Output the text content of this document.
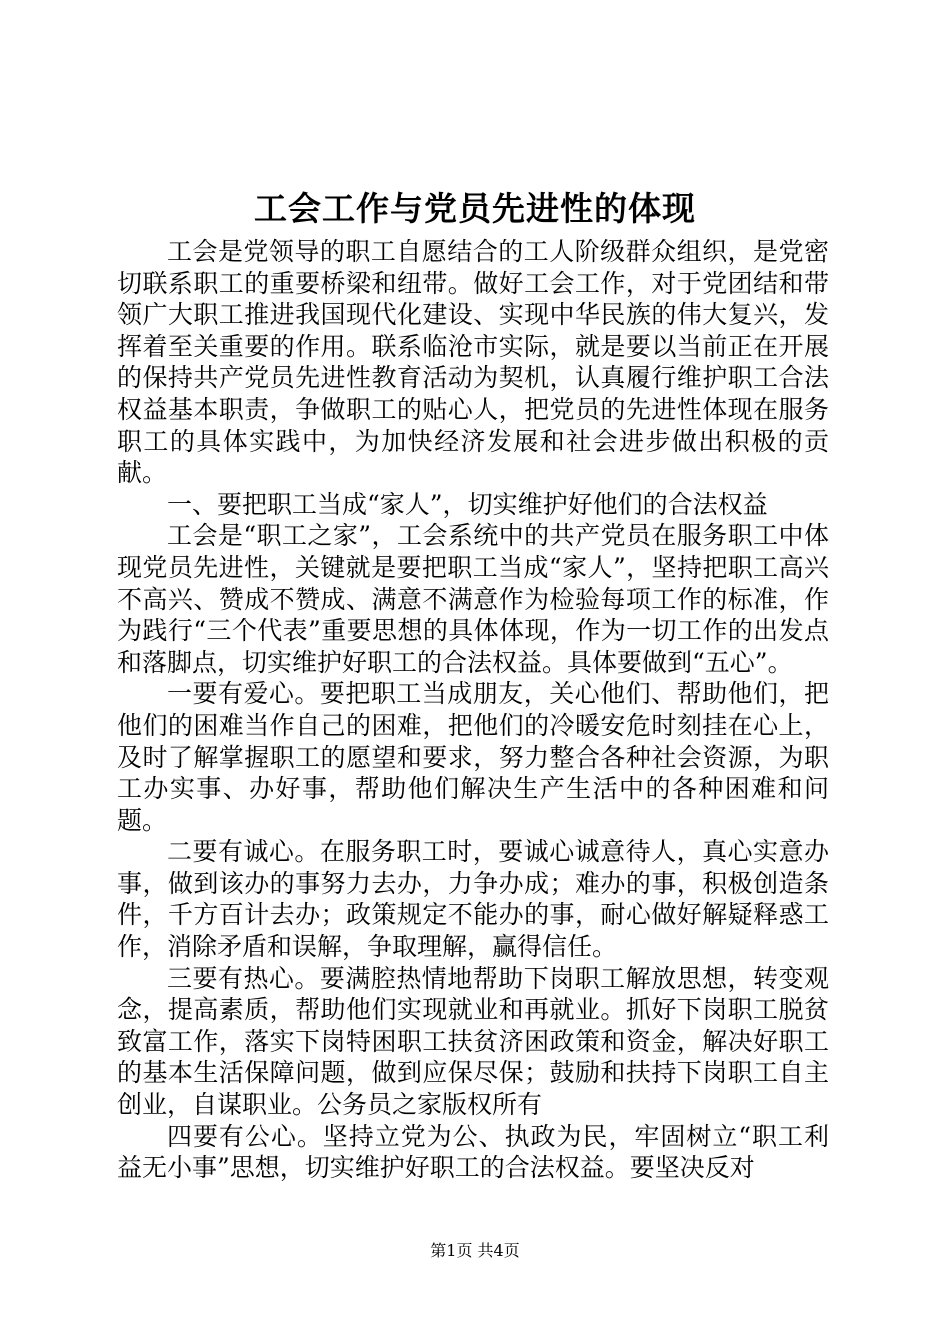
工会工作与党员先进性的体现

工会是党领导的职工自愿结合的工人阶级群众组织，是党密切联系职工的重要桥梁和纽带。做好工会工作，对于党团结和带领广大职工推进我国现代化建设、实现中华民族的伟大复兴，发挥着至关重要的作用。联系临沧市实际，就是要以当前正在开展的保持共产党员先进性教育活动为契机，认真履行维护职工合法权益基本职责，争做职工的贴心人，把党员的先进性体现在服务职工的具体实践中，为加快经济发展和社会进步做出积极的贡献。

一、要把职工当成“家人”，切实维护好他们的合法权益

工会是“职工之家”，工会系统中的共产党员在服务职工中体现党员先进性，关键就是要把职工当成“家人”，坚持把职工高兴不高兴、赞成不赞成、满意不满意作为检验每项工作的标准，作为践行“三个代表”重要思想的具体体现，作为一切工作的出发点和落脚点，切实维护好职工的合法权益。具体要做到“五心”。

一要有爱心。要把职工当成朋友，关心他们、帮助他们，把他们的困难当作自己的困难，把他们的冷暖安危时刻挂在心上，及时了解掌握职工的愿望和要求，努力整合各种社会资源，为职工办实事、办好事，帮助他们解决生产生活中的各种困难和问题。

二要有诚心。在服务职工时，要诚心诚意待人，真心实意办事，做到该办的事努力去办，力争办成；难办的事，积极创造条件，千方百计去办；政策规定不能办的事，耐心做好解疑释惑工作，消除矛盾和误解，争取理解，赢得信任。

三要有热心。要满腔热情地帮助下岗职工解放思想，转变观念，提高素质，帮助他们实现就业和再就业。抓好下岗职工脱贫致富工作，落实下岗特困职工扶贫济困政策和资金，解决好职工的基本生活保障问题，做到应保尽保；鼓励和扶持下岗职工自主创业，自谋职业。公务员之家版权所有

四要有公心。坚持立党为公、执政为民，牢固树立“职工利益无小事”思想，切实维护好职工的合法权益。要坚决反对

第1页 共4页
